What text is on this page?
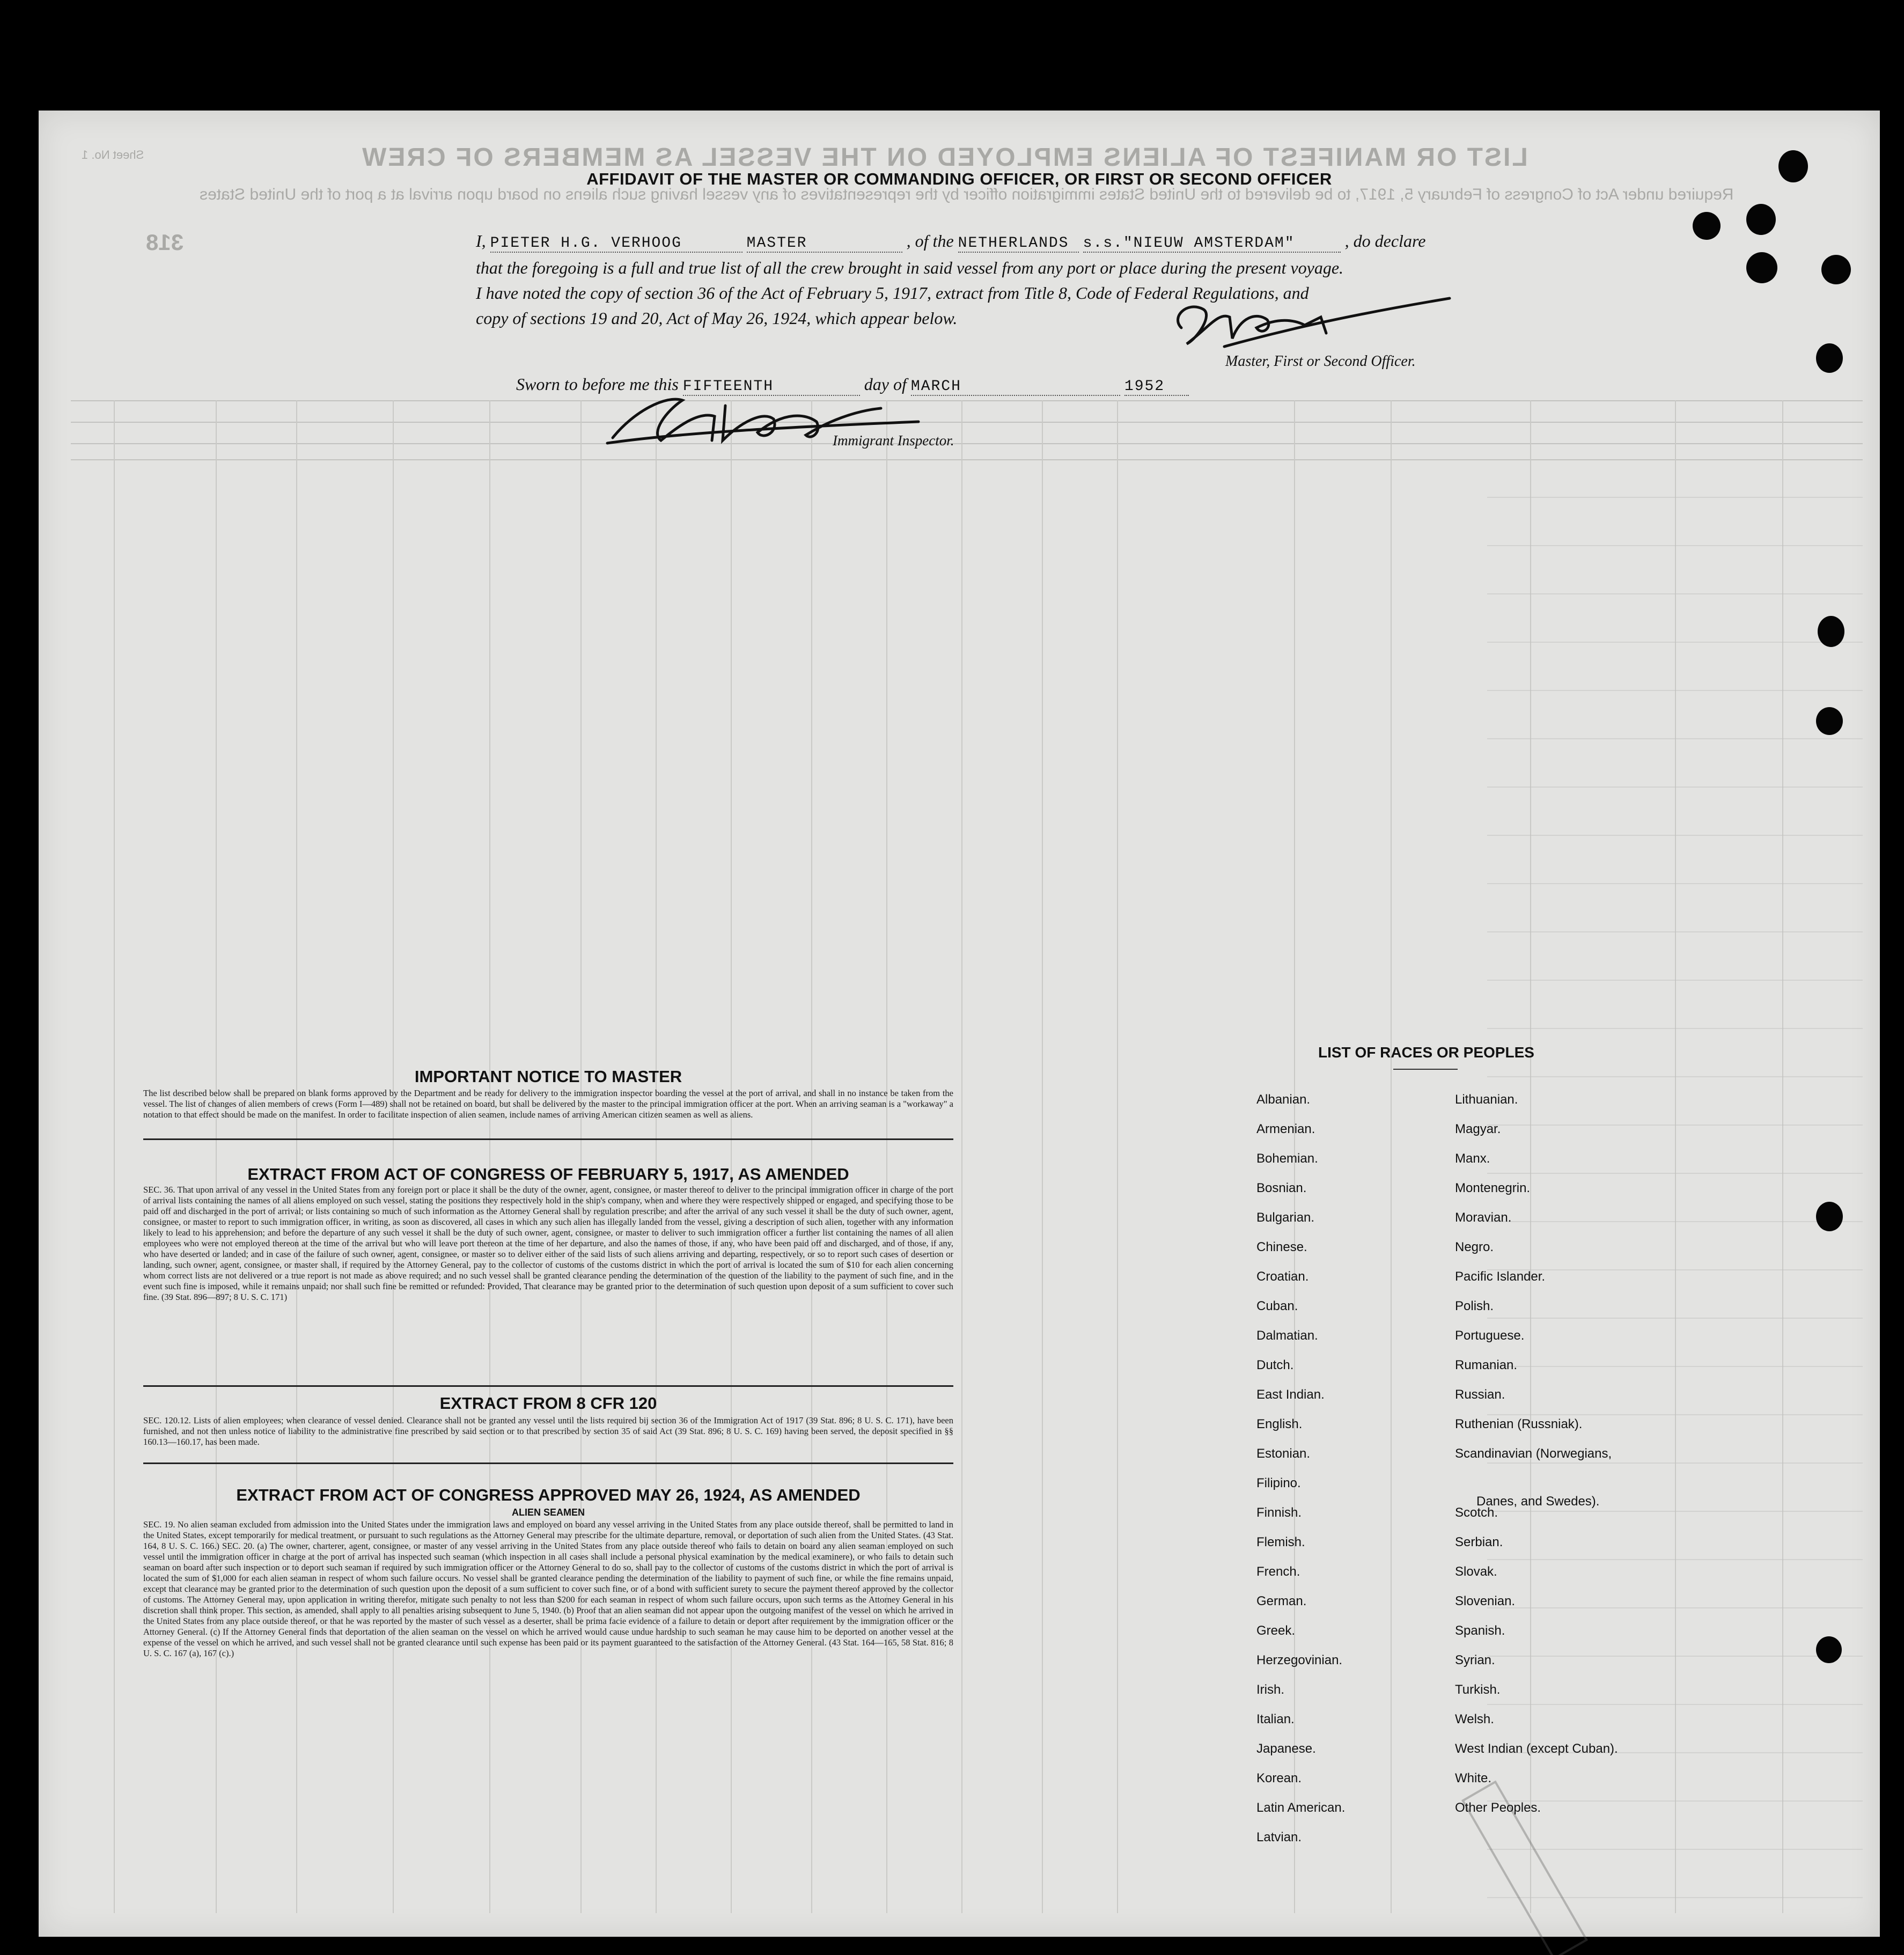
LIST OR MANIFEST OF ALIENS EMPLOYED ON THE VESSEL AS MEMBERS OF CREW
Required under Act of Congress of February 5, 1917, to be delivered to the United States immigration officer by the representatives of any vessel having such aliens on board upon arrival at a port of the United States
Sheet No. 1
318
AFFIDAVIT OF THE MASTER OR COMMANDING OFFICER, OR FIRST OR SECOND OFFICER
I, PIETER H.G. VERHOOG	MASTER	, of the NETHERLANDS s.s."NIEUW AMSTERDAM"	, do declare
that the foregoing is a full and true list of all the crew brought in said vessel from any port or place during the present voyage.
I have noted the copy of section 36 of the Act of February 5, 1917, extract from Title 8, Code of Federal Regulations, and
copy of sections 19 and 20, Act of May 26, 1924, which appear below.
Master, First or Second Officer.
Sworn to before me this FIFTEENTH	day of MARCH	1952
Immigrant Inspector.
IMPORTANT NOTICE TO MASTER
The list described below shall be prepared on blank forms approved by the Department and be ready for delivery to the immigration inspector boarding the vessel at the port of arrival, and shall in no instance be taken from the vessel. The list of changes of alien members of crews (Form I—489) shall not be retained on board, but shall be delivered by the master to the principal immigration officer at the port. When an arriving seaman is a "workaway" a notation to that effect should be made on the manifest. In order to facilitate inspection of alien seamen, include names of arriving American citizen seamen as well as aliens.
EXTRACT FROM ACT OF CONGRESS OF FEBRUARY 5, 1917, AS AMENDED
SEC. 36. That upon arrival of any vessel in the United States from any foreign port or place it shall be the duty of the owner, agent, consignee, or master thereof to deliver to the principal immigration officer in charge of the port of arrival lists containing the names of all aliens employed on such vessel, stating the positions they respectively hold in the ship's company, when and where they were respectively shipped or engaged, and specifying those to be paid off and discharged in the port of arrival; or lists containing so much of such information as the Attorney General shall by regulation prescribe; and after the arrival of any such vessel it shall be the duty of such owner, agent, consignee, or master to report to such immigration officer, in writing, as soon as discovered, all cases in which any such alien has illegally landed from the vessel, giving a description of such alien, together with any information likely to lead to his apprehension; and before the departure of any such vessel it shall be the duty of such owner, agent, consignee, or master to deliver to such immigration officer a further list containing the names of all alien employees who were not employed thereon at the time of the arrival but who will leave port thereon at the time of her departure, and also the names of those, if any, who have been paid off and discharged, and of those, if any, who have deserted or landed; and in case of the failure of such owner, agent, consignee, or master so to deliver either of the said lists of such aliens arriving and departing, respectively, or so to report such cases of desertion or landing, such owner, agent, consignee, or master shall, if required by the Attorney General, pay to the collector of customs of the customs district in which the port of arrival is located the sum of $10 for each alien concerning whom correct lists are not delivered or a true report is not made as above required; and no such vessel shall be granted clearance pending the determination of the question of the liability to the payment of such fine, and in the event such fine is imposed, while it remains unpaid; nor shall such fine be remitted or refunded: Provided, That clearance may be granted prior to the determination of such question upon deposit of a sum sufficient to cover such fine. (39 Stat. 896—897; 8 U. S. C. 171)
EXTRACT FROM 8 CFR 120
SEC. 120.12. Lists of alien employees; when clearance of vessel denied. Clearance shall not be granted any vessel until the lists required bij section 36 of the Immigration Act of 1917 (39 Stat. 896; 8 U. S. C. 171), have been furnished, and not then unless notice of liability to the administrative fine prescribed by said section or to that prescribed by section 35 of said Act (39 Stat. 896; 8 U. S. C. 169) having been served, the deposit specified in §§ 160.13—160.17, has been made.
EXTRACT FROM ACT OF CONGRESS APPROVED MAY 26, 1924, AS AMENDED
ALIEN SEAMEN
SEC. 19. No alien seaman excluded from admission into the United States under the immigration laws and employed on board any vessel arriving in the United States from any place outside thereof, shall be permitted to land in the United States, except temporarily for medical treatment, or pursuant to such regulations as the Attorney General may prescribe for the ultimate departure, removal, or deportation of such alien from the United States. (43 Stat. 164, 8 U. S. C. 166.) SEC. 20. (a) The owner, charterer, agent, consignee, or master of any vessel arriving in the United States from any place outside thereof who fails to detain on board any alien seaman employed on such vessel until the immigration officer in charge at the port of arrival has inspected such seaman (which inspection in all cases shall include a personal physical examination by the medical examinere), or who fails to detain such seaman on board after such inspection or to deport such seaman if required by such immigration officer or the Attorney General to do so, shall pay to the collector of customs of the customs district in which the port of arrival is located the sum of $1,000 for each alien seaman in respect of whom such failure occurs. No vessel shall be granted clearance pending the determination of the liability to payment of such fine, or while the fine remains unpaid, except that clearance may be granted prior to the determination of such question upon the deposit of a sum sufficient to cover such fine, or of a bond with sufficient surety to secure the payment thereof approved by the collector of customs. The Attorney General may, upon application in writing therefor, mitigate such penalty to not less than $200 for each seaman in respect of whom such failure occurs, upon such terms as the Attorney General in his discretion shall think proper. This section, as amended, shall apply to all penalties arising subsequent to June 5, 1940. (b) Proof that an alien seaman did not appear upon the outgoing manifest of the vessel on which he arrived in the United States from any place outside thereof, or that he was reported by the master of such vessel as a deserter, shall be prima facie evidence of a failure to detain or deport after requirement by the immigration officer or the Attorney General. (c) If the Attorney General finds that deportation of the alien seaman on the vessel on which he arrived would cause undue hardship to such seaman he may cause him to be deported on another vessel at the expense of the vessel on which he arrived, and such vessel shall not be granted clearance until such expense has been paid or its payment guaranteed to the satisfaction of the Attorney General. (43 Stat. 164—165, 58 Stat. 816; 8 U. S. C. 167 (a), 167 (c).)
LIST OF RACES OR PEOPLES
Albanian.
Armenian.
Bohemian.
Bosnian.
Bulgarian.
Chinese.
Croatian.
Cuban.
Dalmatian.
Dutch.
East Indian.
English.
Estonian.
Filipino.
Finnish.
Flemish.
French.
German.
Greek.
Herzegovinian.
Irish.
Italian.
Japanese.
Korean.
Latin American.
Latvian.
Lithuanian.
Magyar.
Manx.
Montenegrin.
Moravian.
Negro.
Pacific Islander.
Polish.
Portuguese.
Rumanian.
Russian.
Ruthenian (Russniak).
Scandinavian (Norwegians,
Danes, and Swedes).
Scotch.
Serbian.
Slovak.
Slovenian.
Spanish.
Syrian.
Turkish.
Welsh.
West Indian (except Cuban).
White.
Other Peoples.
